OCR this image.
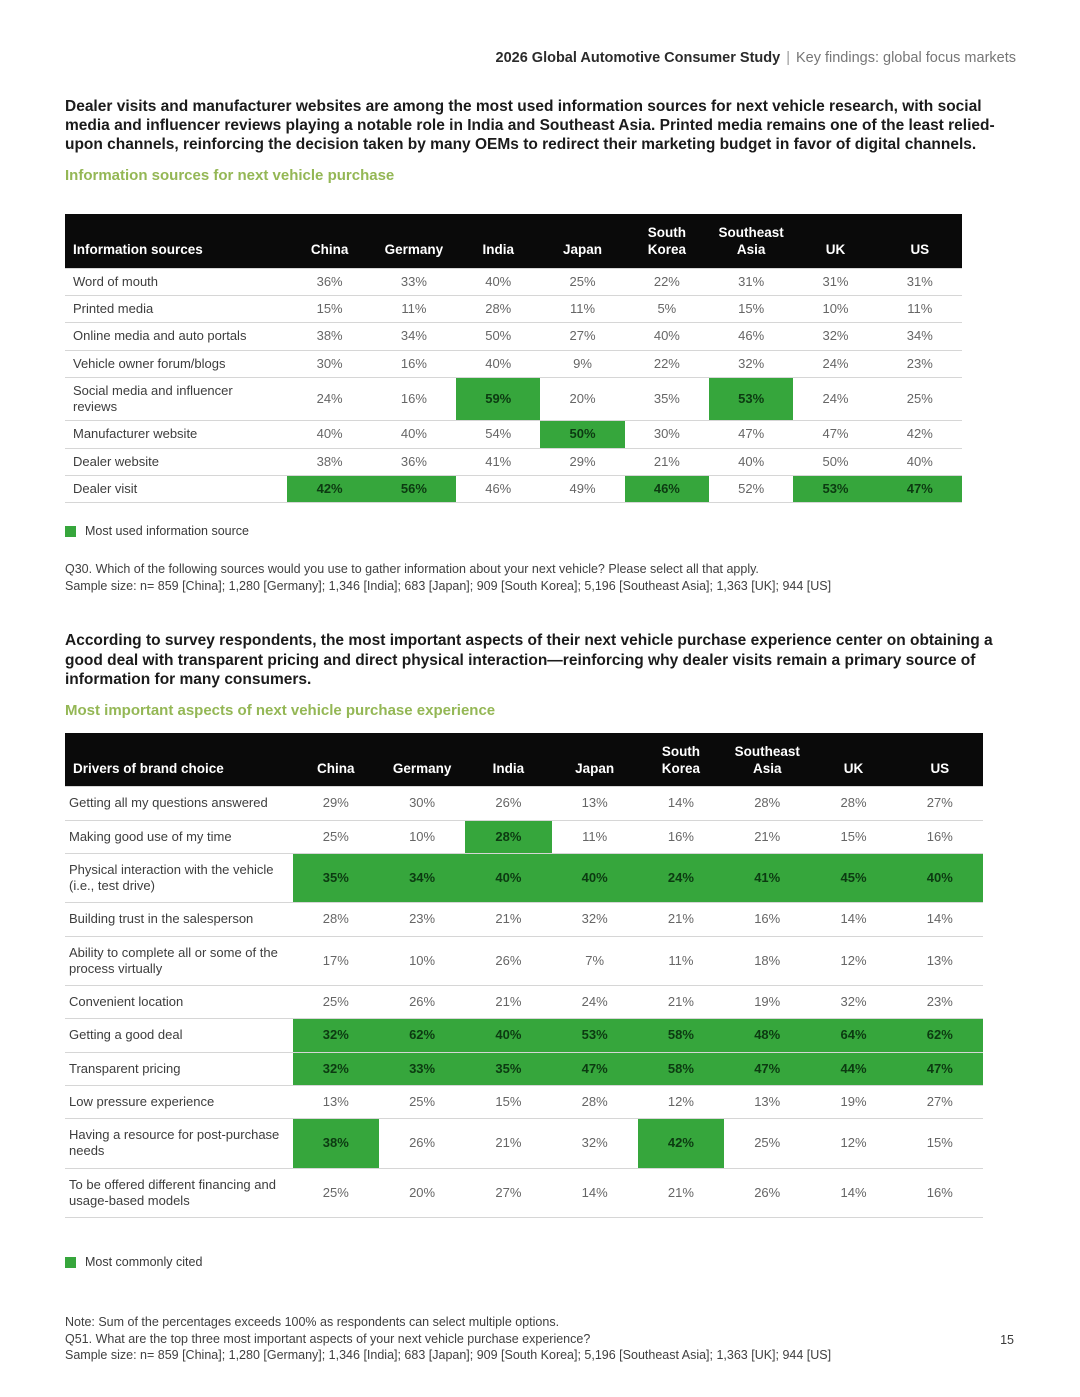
2026 Global Automotive Consumer Study | Key findings: global focus markets
Dealer visits and manufacturer websites are among the most used information sources for next vehicle research, with social media and influencer reviews playing a notable role in India and Southeast Asia. Printed media remains one of the least relied-upon channels, reinforcing the decision taken by many OEMs to redirect their marketing budget in favor of digital channels.
Information sources for next vehicle purchase
Information sources	China	Germany	India	Japan	South Korea	Southeast Asia	UK	US
Word of mouth	36%	33%	40%	25%	22%	31%	31%	31%
Printed media	15%	11%	28%	11%	5%	15%	10%	11%
Online media and auto portals	38%	34%	50%	27%	40%	46%	32%	34%
Vehicle owner forum/blogs	30%	16%	40%	9%	22%	32%	24%	23%
Social media and influencer reviews	24%	16%	59%	20%	35%	53%	24%	25%
Manufacturer website	40%	40%	54%	50%	30%	47%	47%	42%
Dealer website	38%	36%	41%	29%	21%	40%	50%	40%
Dealer visit	42%	56%	46%	49%	46%	52%	53%	47%
Most used information source
Q30. Which of the following sources would you use to gather information about your next vehicle? Please select all that apply.
Sample size: n= 859 [China]; 1,280 [Germany]; 1,346 [India]; 683 [Japan]; 909 [South Korea]; 5,196 [Southeast Asia]; 1,363 [UK]; 944 [US]
According to survey respondents, the most important aspects of their next vehicle purchase experience center on obtaining a good deal with transparent pricing and direct physical interaction—reinforcing why dealer visits remain a primary source of information for many consumers.
Most important aspects of next vehicle purchase experience
Drivers of brand choice	China	Germany	India	Japan	South Korea	Southeast Asia	UK	US
Getting all my questions answered	29%	30%	26%	13%	14%	28%	28%	27%
Making good use of my time	25%	10%	28%	11%	16%	21%	15%	16%
Physical interaction with the vehicle (i.e., test drive)	35%	34%	40%	40%	24%	41%	45%	40%
Building trust in the salesperson	28%	23%	21%	32%	21%	16%	14%	14%
Ability to complete all or some of the process virtually	17%	10%	26%	7%	11%	18%	12%	13%
Convenient location	25%	26%	21%	24%	21%	19%	32%	23%
Getting a good deal	32%	62%	40%	53%	58%	48%	64%	62%
Transparent pricing	32%	33%	35%	47%	58%	47%	44%	47%
Low pressure experience	13%	25%	15%	28%	12%	13%	19%	27%
Having a resource for post-purchase needs	38%	26%	21%	32%	42%	25%	12%	15%
To be offered different financing and usage-based models	25%	20%	27%	14%	21%	26%	14%	16%
Most commonly cited
Note: Sum of the percentages exceeds 100% as respondents can select multiple options.
Q51. What are the top three most important aspects of your next vehicle purchase experience?
Sample size: n= 859 [China]; 1,280 [Germany]; 1,346 [India]; 683 [Japan]; 909 [South Korea]; 5,196 [Southeast Asia]; 1,363 [UK]; 944 [US]
15
